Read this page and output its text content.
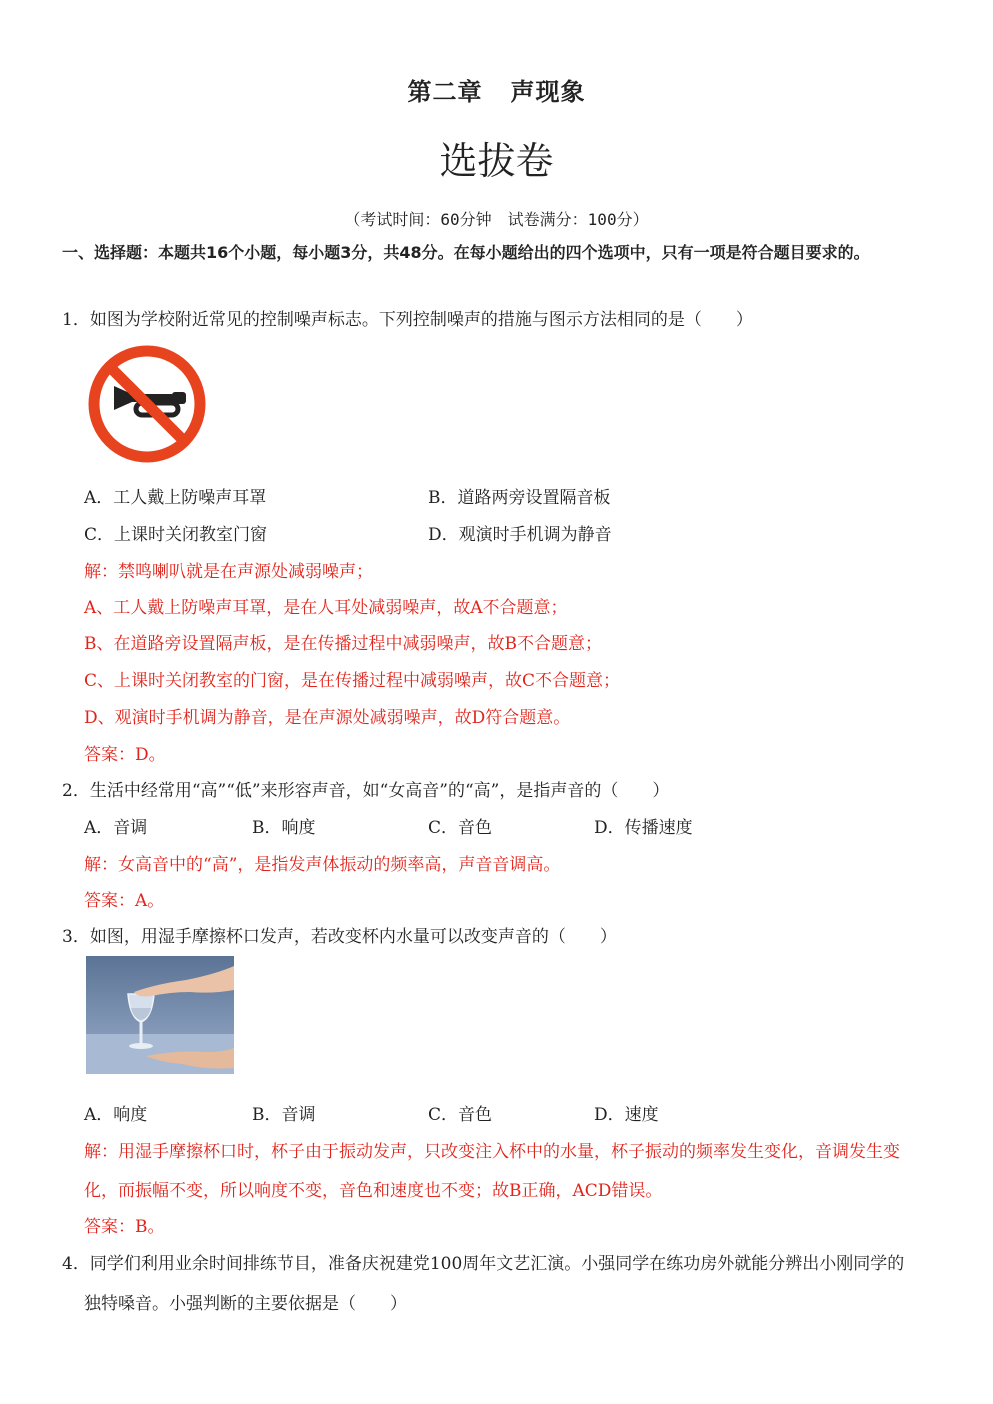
第二章 声现象
选拔卷
（考试时间：60分钟　试卷满分：100分）
一、选择题：本题共16个小题，每小题3分，共48分。在每小题给出的四个选项中，只有一项是符合题目要求的。
1．如图为学校附近常见的控制噪声标志。下列控制噪声的措施与图示方法相同的是（　　）
A．工人戴上防噪声耳罩	B．道路两旁设置隔音板
C．上课时关闭教室门窗	D．观演时手机调为静音
解：禁鸣喇叭就是在声源处减弱噪声；
A、工人戴上防噪声耳罩，是在人耳处减弱噪声，故A不合题意；
B、在道路旁设置隔声板，是在传播过程中减弱噪声，故B不合题意；
C、上课时关闭教室的门窗，是在传播过程中减弱噪声，故C不合题意；
D、观演时手机调为静音，是在声源处减弱噪声，故D符合题意。
答案：D。
2．生活中经常用“高”“低”来形容声音，如“女高音”的“高”，是指声音的（　　）
A．音调	B．响度	C．音色	D．传播速度
解：女高音中的“高”，是指发声体振动的频率高，声音音调高。
答案：A。
3．如图，用湿手摩擦杯口发声，若改变杯内水量可以改变声音的（　　）
A．响度	B．音调	C．音色	D．速度
解：用湿手摩擦杯口时，杯子由于振动发声，只改变注入杯中的水量，杯子振动的频率发生变化，音调发生变
化，而振幅不变，所以响度不变，音色和速度也不变；故B正确，ACD错误。
答案：B。
4．同学们利用业余时间排练节目，准备庆祝建党100周年文艺汇演。小强同学在练功房外就能分辨出小刚同学的
独特嗓音。小强判断的主要依据是（　　）
